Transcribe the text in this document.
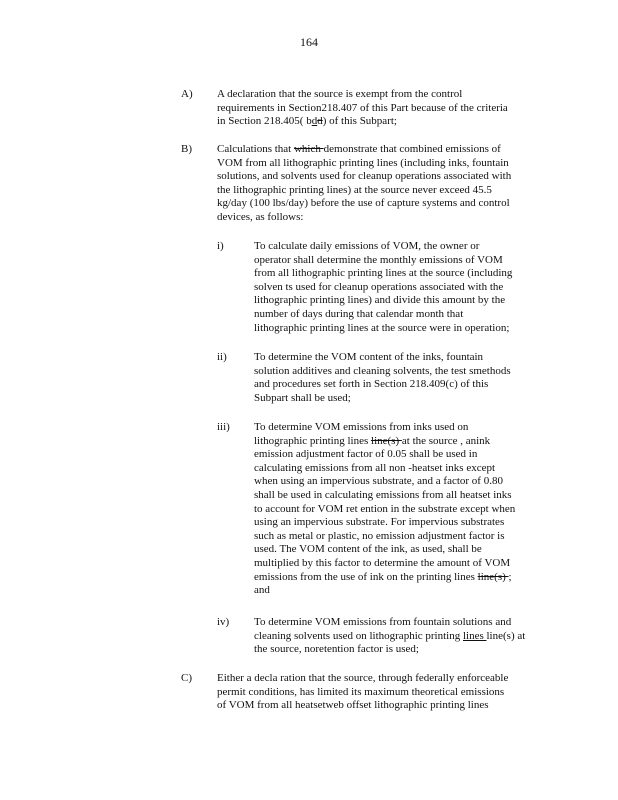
164
A) A declaration that the source is exempt from the control
requirements in Section218.407 of this Part because of the criteria
in Section 218.405( bdd) of this Subpart;
B) Calculations that which demonstrate that combined emissions of
VOM from all lithographic printing lines (including inks, fountain
solutions, and solvents used for cleanup operations associated with
the lithographic printing lines) at the source never exceed 45.5
kg/day (100 lbs/day) before the use of capture systems and control
devices, as follows:
i)	To calculate daily emissions of VOM, the owner or
operator shall determine the monthly emissions of VOM
from all lithographic printing lines at the source (including
solven ts used for cleanup operations associated with the
lithographic printing lines) and divide this amount by the
number of days during that calendar month that
lithographic printing lines at the source were in operation;
ii) To determine the VOM content of the inks, fountain
solution additives and cleaning solvents, the test smethods
and procedures set forth in Section 218.409(c) of this
Subpart shall be used;
iii) To determine VOM emissions from inks used on
lithographic printing lines line(s) at the source , anink
emission adjustment factor of 0.05 shall be used in
calculating emissions from all non -heatset inks except
when using an impervious substrate, and a factor of 0.80
shall be used in calculating emissions from all heatset inks
to account for VOM ret ention in the substrate except when
using an impervious substrate. For impervious substrates
such as metal or plastic, no emission adjustment factor is
used. The VOM content of the ink, as used, shall be
multiplied by this factor to determine the amount of VOM
emissions from the use of ink on the printing lines line(s) ;
and
iv) To determine VOM emissions from fountain solutions and
cleaning solvents used on lithographic printing lines line(s) at
the source, noretention factor is used;
C) Either a decla ration that the source, through federally enforceable
permit conditions, has limited its maximum theoretical emissions
of VOM from all heatsetweb offset lithographic printing lines
